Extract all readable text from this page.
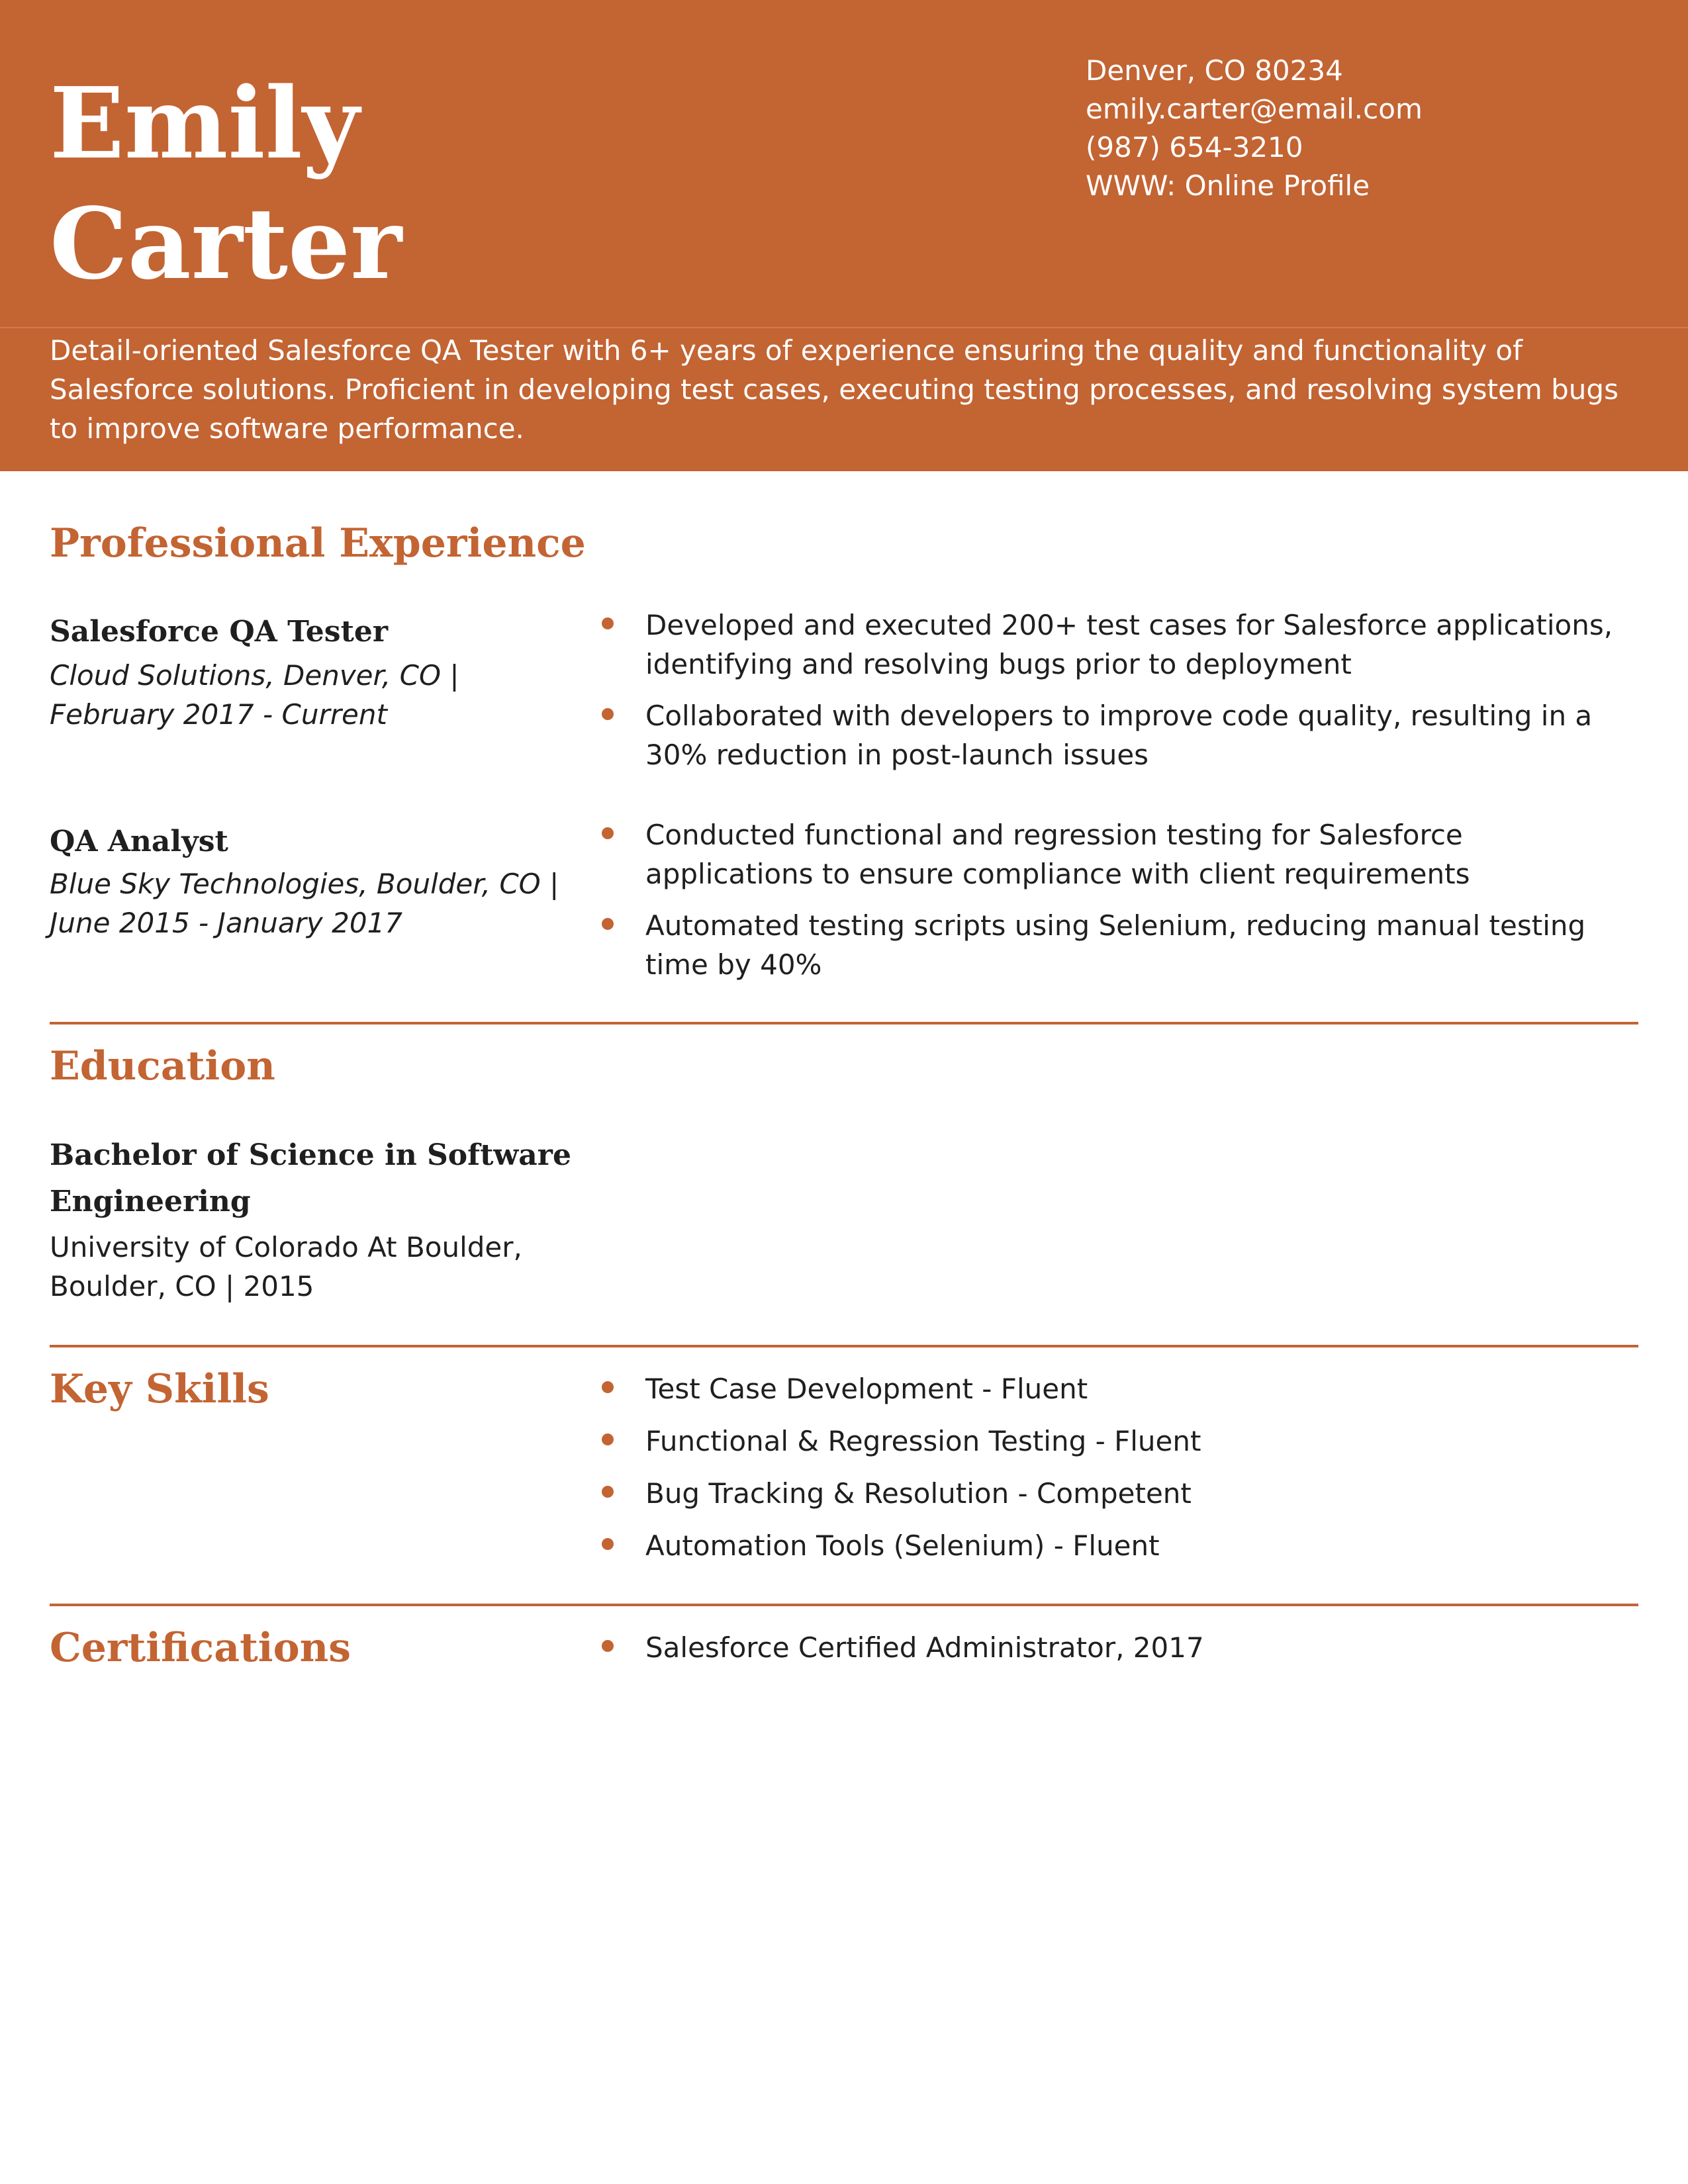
Emily
Carter
Denver, CO 80234
emily.carter@email.com
(987) 654-3210
WWW: Online Profile
Detail-oriented Salesforce QA Tester with 6+ years of experience ensuring the quality and functionality of Salesforce solutions. Proficient in developing test cases, executing testing processes, and resolving system bugs to improve software performance.
Professional Experience
Salesforce QA Tester
Cloud Solutions, Denver, CO | February 2017 - Current
Developed and executed 200+ test cases for Salesforce applications, identifying and resolving bugs prior to deployment
Collaborated with developers to improve code quality, resulting in a 30% reduction in post-launch issues
QA Analyst
Blue Sky Technologies, Boulder, CO | June 2015 - January 2017
Conducted functional and regression testing for Salesforce applications to ensure compliance with client requirements
Automated testing scripts using Selenium, reducing manual testing time by 40%
Education
Bachelor of Science in Software Engineering
University of Colorado At Boulder, Boulder, CO | 2015
Key Skills	Test Case Development - Fluent
Functional & Regression Testing - Fluent
Bug Tracking & Resolution - Competent
Automation Tools (Selenium) - Fluent
Certifications	Salesforce Certified Administrator, 2017
